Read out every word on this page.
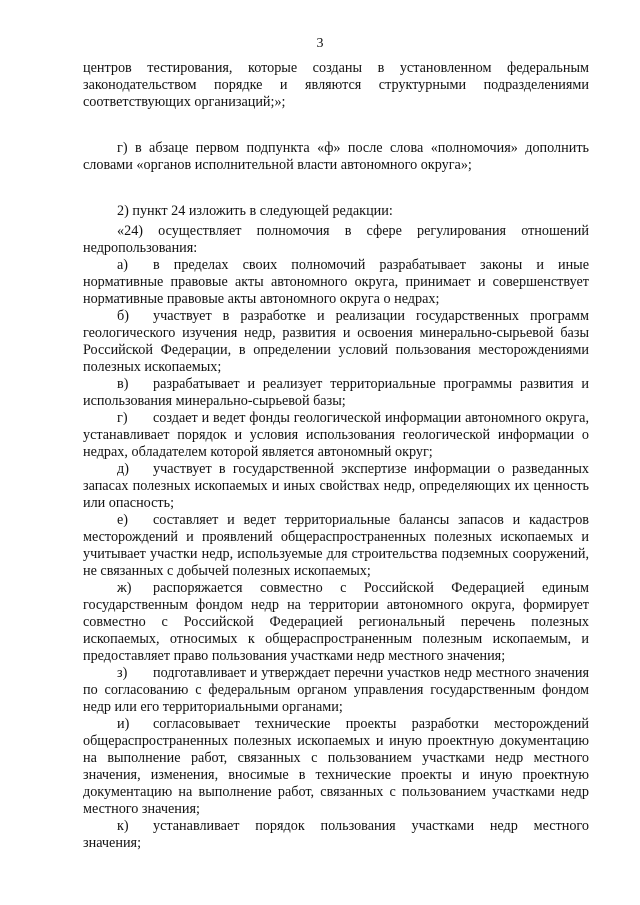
3

центров тестирования, которые созданы в установленном федеральным законодательством порядке и являются структурными подразделениями соответствующих организаций;»;

г) в абзаце первом подпункта «ф» после слова «полномочия» дополнить словами «органов исполнительной власти автономного округа»;

2) пункт 24 изложить в следующей редакции:

«24) осуществляет полномочия в сфере регулирования отношений недропользования:

а) в пределах своих полномочий разрабатывает законы и иные нормативные правовые акты автономного округа, принимает и совершенствует нормативные правовые акты автономного округа о недрах;

б) участвует в разработке и реализации государственных программ геологического изучения недр, развития и освоения минерально-сырьевой базы Российской Федерации, в определении условий пользования месторождениями полезных ископаемых;

в) разрабатывает и реализует территориальные программы развития и использования минерально-сырьевой базы;

г) создает и ведет фонды геологической информации автономного округа, устанавливает порядок и условия использования геологической информации о недрах, обладателем которой является автономный округ;

д) участвует в государственной экспертизе информации о разведанных запасах полезных ископаемых и иных свойствах недр, определяющих их ценность или опасность;

е) составляет и ведет территориальные балансы запасов и кадастров месторождений и проявлений общераспространенных полезных ископаемых и учитывает участки недр, используемые для строительства подземных сооружений, не связанных с добычей полезных ископаемых;

ж) распоряжается совместно с Российской Федерацией единым государственным фондом недр на территории автономного округа, формирует совместно с Российской Федерацией региональный перечень полезных ископаемых, относимых к общераспространенным полезным ископаемым, и предоставляет право пользования участками недр местного значения;

з) подготавливает и утверждает перечни участков недр местного значения по согласованию с федеральным органом управления государственным фондом недр или его территориальными органами;

и) согласовывает технические проекты разработки месторождений общераспространенных полезных ископаемых и иную проектную документацию на выполнение работ, связанных с пользованием участками недр местного значения, изменения, вносимые в технические проекты и иную проектную документацию на выполнение работ, связанных с пользованием участками недр местного значения;

к) устанавливает порядок пользования участками недр местного значения;
